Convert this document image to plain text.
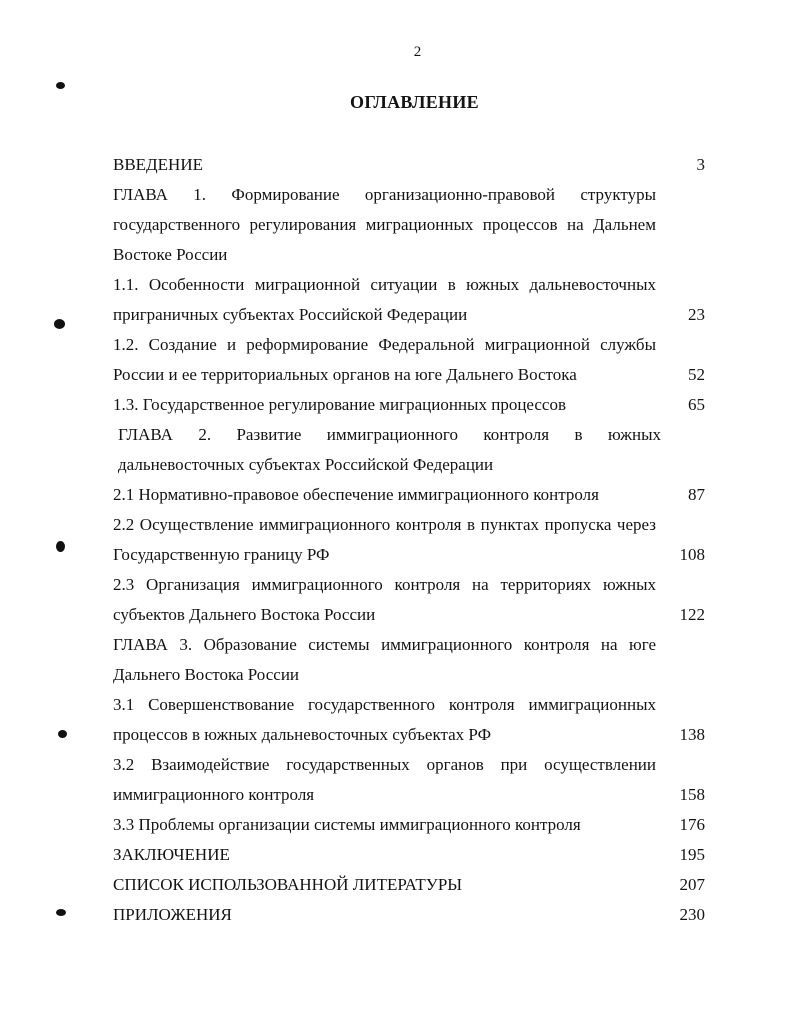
2
ОГЛАВЛЕНИЕ
ВВЕДЕНИЕ	3
ГЛАВА 1. Формирование организационно-правовой структуры государственного регулирования миграционных процессов на Дальнем Востоке России
1.1. Особенности миграционной ситуации в южных дальневосточных приграничных субъектах Российской Федерации	23
1.2. Создание и реформирование Федеральной миграционной службы России и ее территориальных органов на юге Дальнего Востока	52
1.3. Государственное регулирование миграционных процессов	65
ГЛАВА 2. Развитие иммиграционного контроля в южных дальневосточных субъектах Российской Федерации
2.1 Нормативно-правовое обеспечение иммиграционного контроля	87
2.2 Осуществление иммиграционного контроля в пунктах пропуска через Государственную границу РФ	108
2.3 Организация иммиграционного контроля на территориях южных субъектов Дальнего Востока России	122
ГЛАВА 3. Образование системы иммиграционного контроля на юге Дальнего Востока России
3.1 Совершенствование государственного контроля иммиграционных процессов в южных дальневосточных субъектах РФ	138
3.2 Взаимодействие государственных органов при осуществлении иммиграционного контроля	158
3.3 Проблемы организации системы иммиграционного контроля	176
ЗАКЛЮЧЕНИЕ	195
СПИСОК ИСПОЛЬЗОВАННОЙ ЛИТЕРАТУРЫ	207
ПРИЛОЖЕНИЯ	230
